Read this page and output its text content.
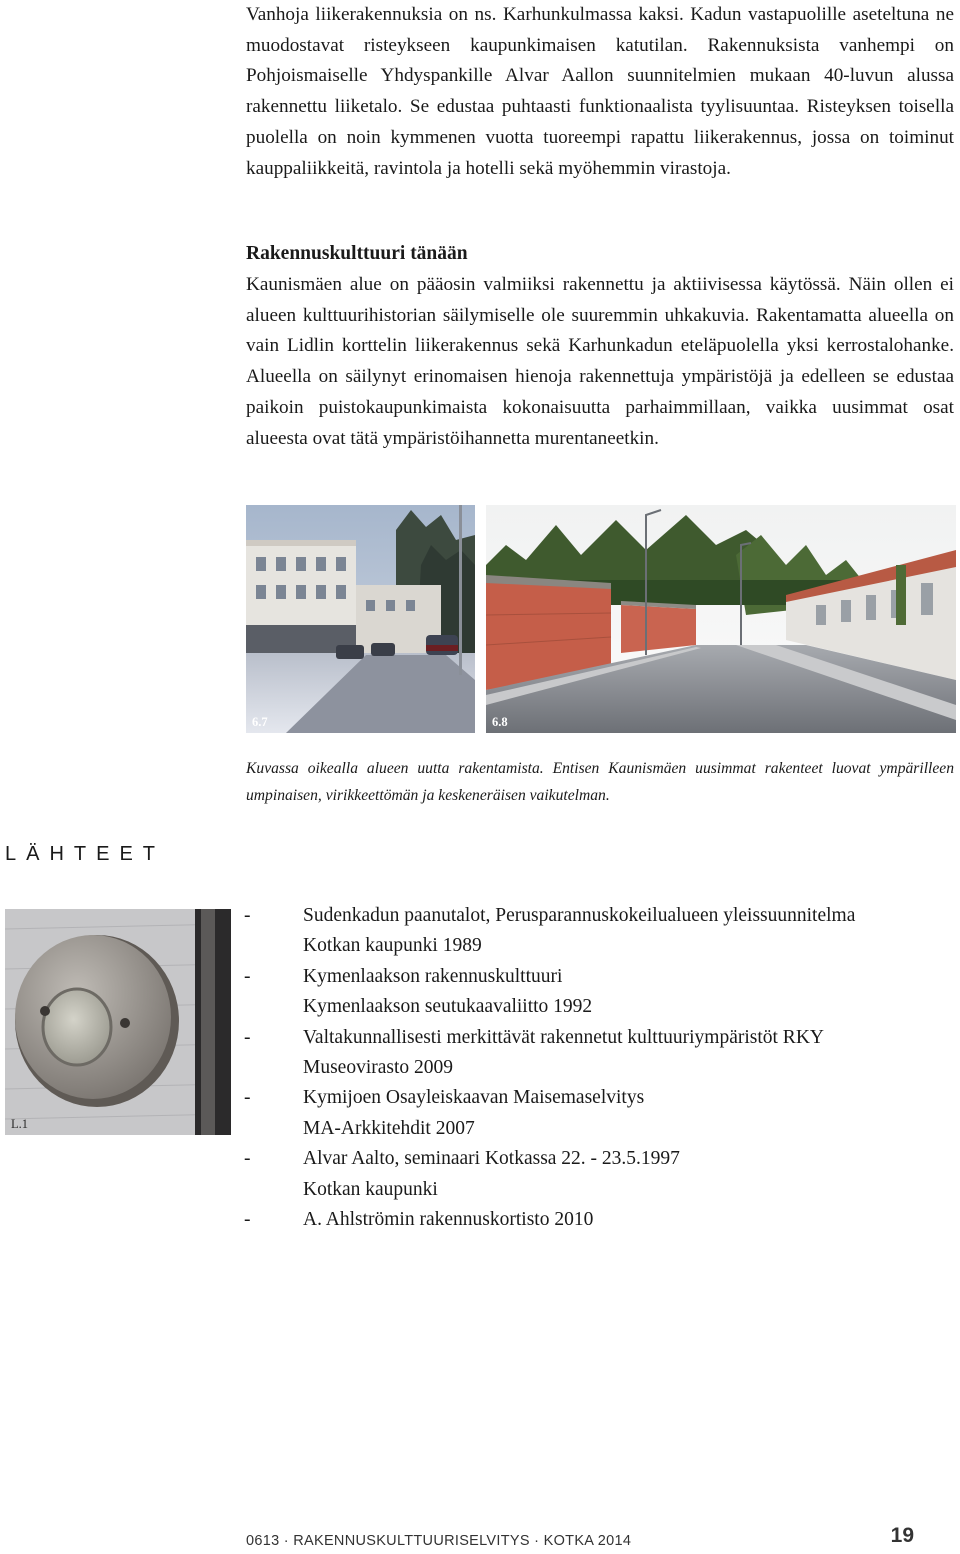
Vanhoja liikerakennuksia on ns. Karhunkulmassa kaksi. Kadun vastapuolille aseteltuna ne muodostavat risteykseen kaupunkimaisen katutilan. Rakennuksista vanhempi on Pohjoismaiselle Yhdyspankille Alvar Aallon suunnitelmien mukaan 40-luvun alussa rakennettu liiketalo. Se edustaa puhtaasti funktionaalista tyylisuuntaa. Risteyksen toisella puolella on noin kymmenen vuotta tuoreempi rapattu liikerakennus, jossa on toiminut kauppaliikkeitä, ravintola ja hotelli sekä myöhemmin virastoja.

Rakennuskulttuuri tänään

Kaunismäen alue on pääosin valmiiksi rakennettu ja aktiivisessa käytössä. Näin ollen ei alueen kulttuurihistorian säilymiselle ole suuremmin uhkakuvia. Rakentamatta alueella on vain Lidlin korttelin liikerakennus sekä Karhunkadun eteläpuolella yksi kerrostalohanke. Alueella on säilynyt erinomaisen hienoja rakennettuja ympäristöjä ja edelleen se edustaa paikoin puistokaupunkimaista kokonaisuutta parhaimmillaan, vaikka uusimmat osat alueesta ovat tätä ympäristöihannetta murentaneetkin.

6.7	6.8

Kuvassa oikealla alueen uutta rakentamista. Entisen Kaunismäen uusimmat rakenteet luovat ympärilleen umpinaisen, virikkeettömän ja keskeneräisen vaikutelman.

LÄHTEET
L.1
-	Sudenkadun paanutalot, Perusparannuskokeilualueen yleissuunnitelma
Kotkan kaupunki 1989
-	Kymenlaakson rakennuskulttuuri
Kymenlaakson seutukaavaliitto 1992
-	Valtakunnallisesti merkittävät rakennetut kulttuuriympäristöt RKY
Museovirasto 2009
-	Kymijoen Osayleiskaavan Maisemaselvitys
MA-Arkkitehdit 2007
-	Alvar Aalto, seminaari Kotkassa 22. - 23.5.1997
Kotkan kaupunki
-	A. Ahlströmin rakennuskortisto 2010
0613 · RAKENNUSKULTTUURISELVITYS · KOTKA 2014	19
